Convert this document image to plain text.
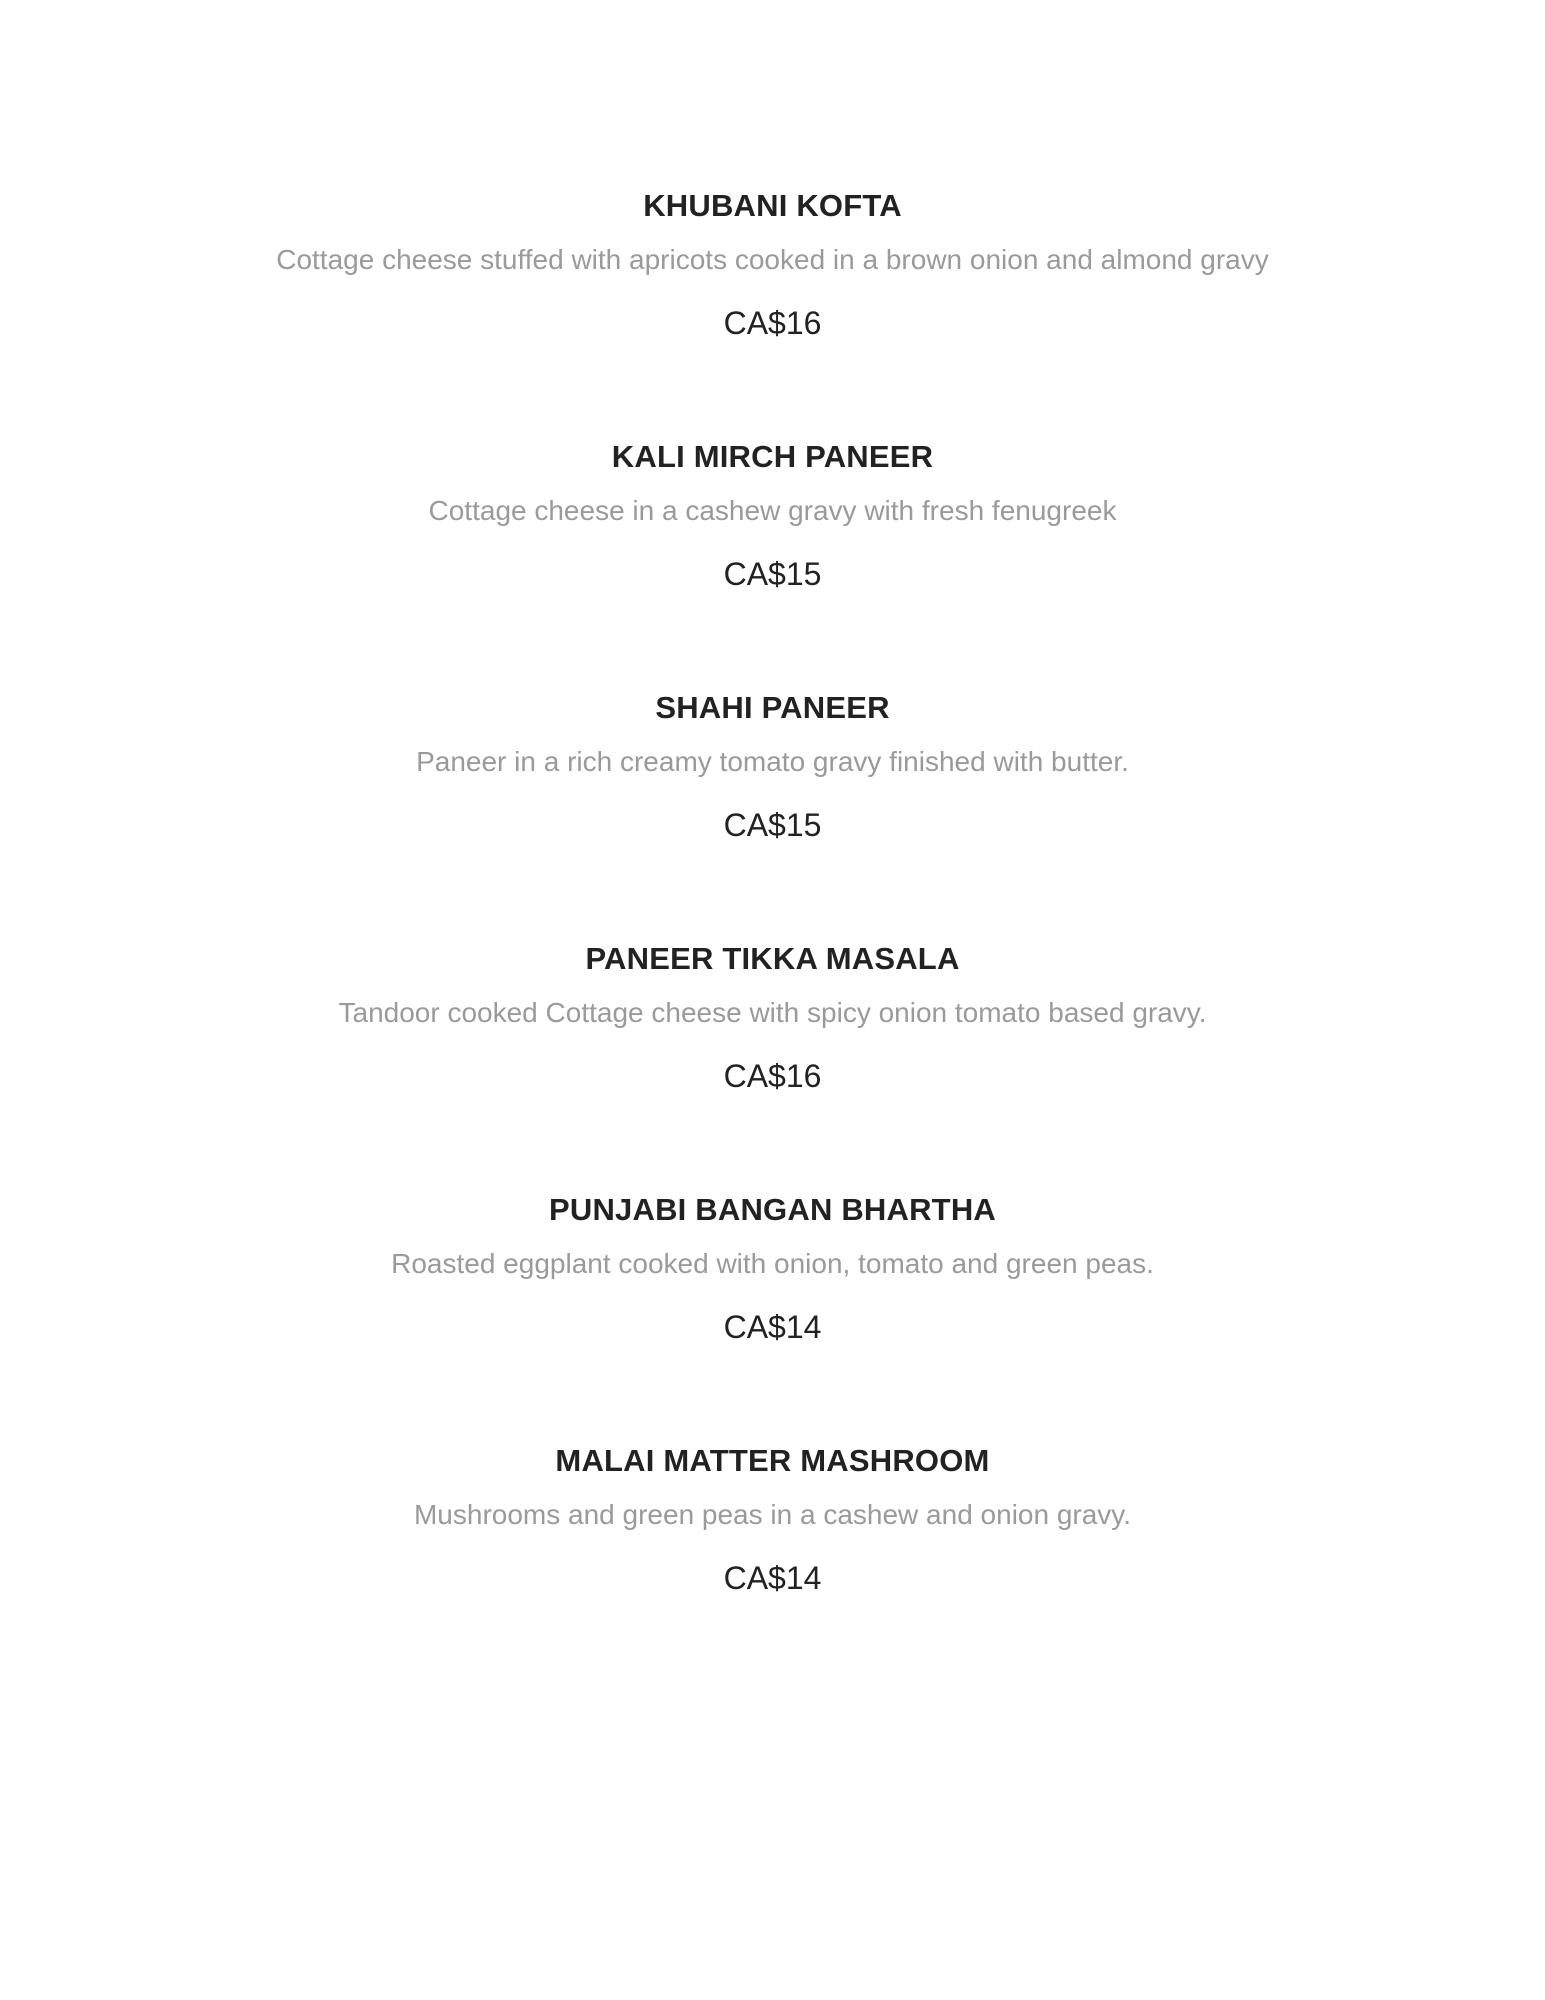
KHUBANI KOFTA

Cottage cheese stuffed with apricots cooked in a brown onion and almond gravy

CA$16

KALI MIRCH PANEER

Cottage cheese in a cashew gravy with fresh fenugreek

CA$15

SHAHI PANEER

Paneer in a rich creamy tomato gravy finished with butter.

CA$15

PANEER TIKKA MASALA

Tandoor cooked Cottage cheese with spicy onion tomato based gravy.

CA$16

PUNJABI BANGAN BHARTHA

Roasted eggplant cooked with onion, tomato and green peas.

CA$14

MALAI MATTER MASHROOM

Mushrooms and green peas in a cashew and onion gravy.

CA$14
